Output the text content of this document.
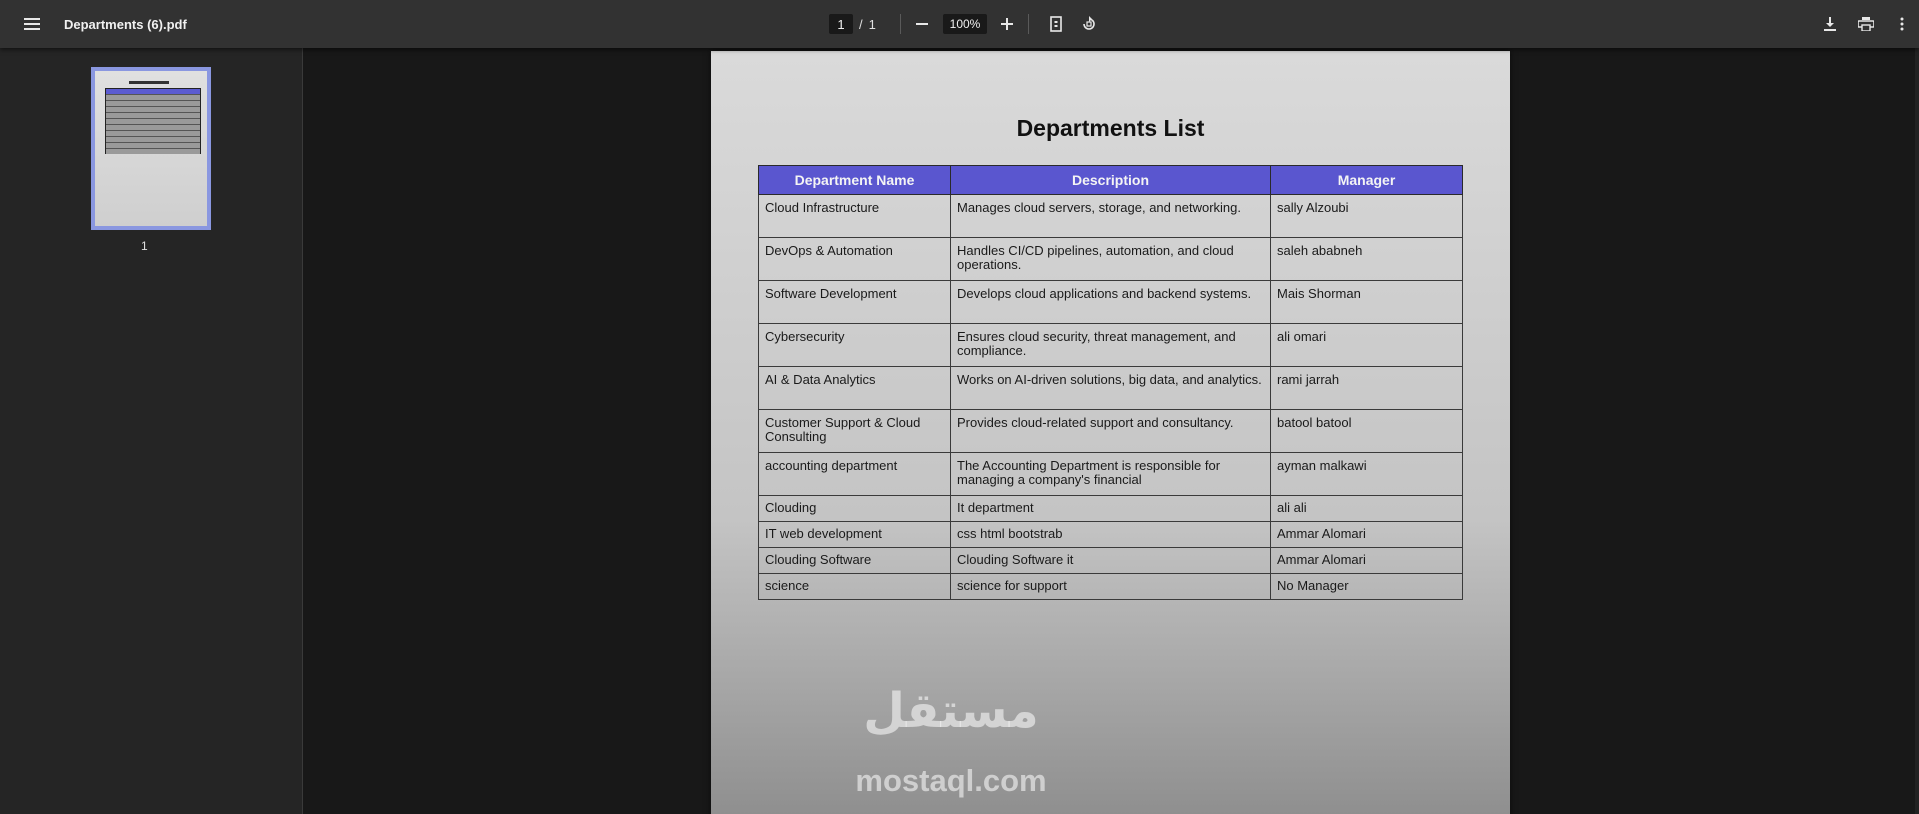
Departments (6).pdf	1	/ 1	100%
1
Departments List
Department Name	Description	Manager
Cloud Infrastructure	Manages cloud servers, storage, and networking.	sally Alzoubi
DevOps & Automation	Handles CI/CD pipelines, automation, and cloud operations.	saleh ababneh
Software Development	Develops cloud applications and backend systems.	Mais Shorman
Cybersecurity	Ensures cloud security, threat management, and compliance.	ali omari
AI & Data Analytics	Works on AI-driven solutions, big data, and analytics.	rami jarrah
Customer Support & Cloud Consulting	Provides cloud-related support and consultancy.	batool batool
accounting department	The Accounting Department is responsible for managing a company's financial	ayman malkawi
Clouding	It department	ali ali
IT web development	css html bootstrab	Ammar Alomari
Clouding Software	Clouding Software it	Ammar Alomari
science	science for support	No Manager
مستقل
mostaql.com
